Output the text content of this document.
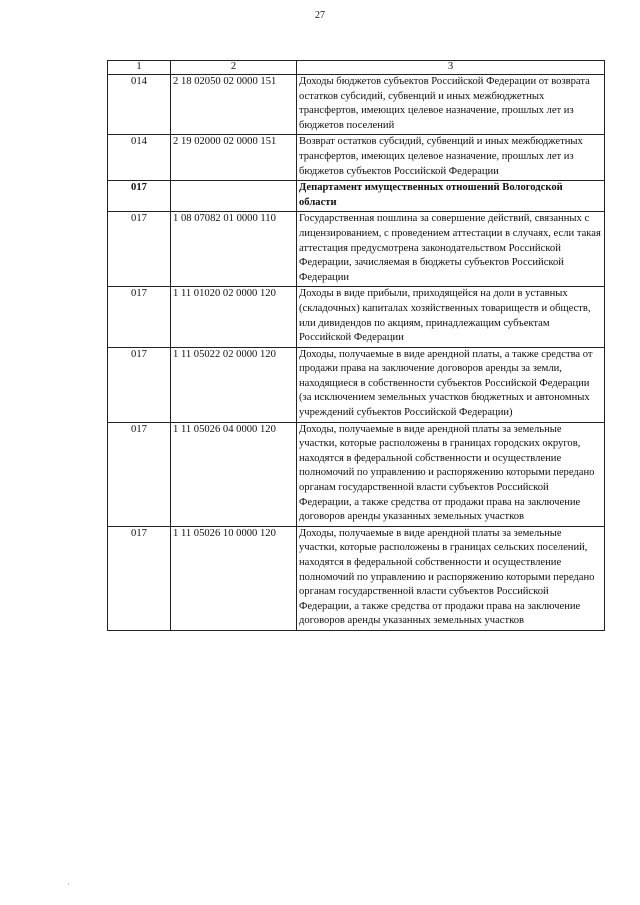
27
1	2	3
014	2 18 02050 02 0000 151	Доходы бюджетов субъектов Российской Федерации от возврата остатков субсидий, субвенций и иных межбюджетных трансфертов, имеющих целевое назначение, прошлых лет из бюджетов поселений
014	2 19 02000 02 0000 151	Возврат остатков субсидий, субвенций и иных межбюджетных трансфертов, имеющих целевое назначение, прошлых лет из бюджетов субъектов Российской Федерации
017		Департамент имущественных отношений Вологодской области
017	1 08 07082 01 0000 110	Государственная пошлина за совершение действий, связанных с лицензированием, с проведением аттестации в случаях, если такая аттестация предусмотрена законодательством Российской Федерации, зачисляемая в бюджеты субъектов Российской Федерации
017	1 11 01020 02 0000 120	Доходы в виде прибыли, приходящейся на доли в уставных (складочных) капиталах хозяйственных товариществ и обществ, или дивидендов по акциям, принадлежащим субъектам Российской Федерации
017	1 11 05022 02 0000 120	Доходы, получаемые в виде арендной платы, а также средства от продажи права на заключение договоров аренды за земли, находящиеся в собственности субъектов Российской Федерации (за исключением земельных участков бюджетных и автономных учреждений субъектов Российской Федерации)
017	1 11 05026 04 0000 120	Доходы, получаемые в виде арендной платы за земельные участки, которые расположены в границах городских округов, находятся в федеральной собственности и осуществление полномочий по управлению и распоряжению которыми передано органам государственной власти субъектов Российской Федерации, а также средства от продажи права на заключение договоров аренды указанных земельных участков
017	1 11 05026 10 0000 120	Доходы, получаемые в виде арендной платы за земельные участки, которые расположены в границах сельских поселений, находятся в федеральной собственности и осуществление полномочий по управлению и распоряжению которыми передано органам государственной власти субъектов Российской Федерации, а также средства от продажи права на заключение договоров аренды указанных земельных участков
·
